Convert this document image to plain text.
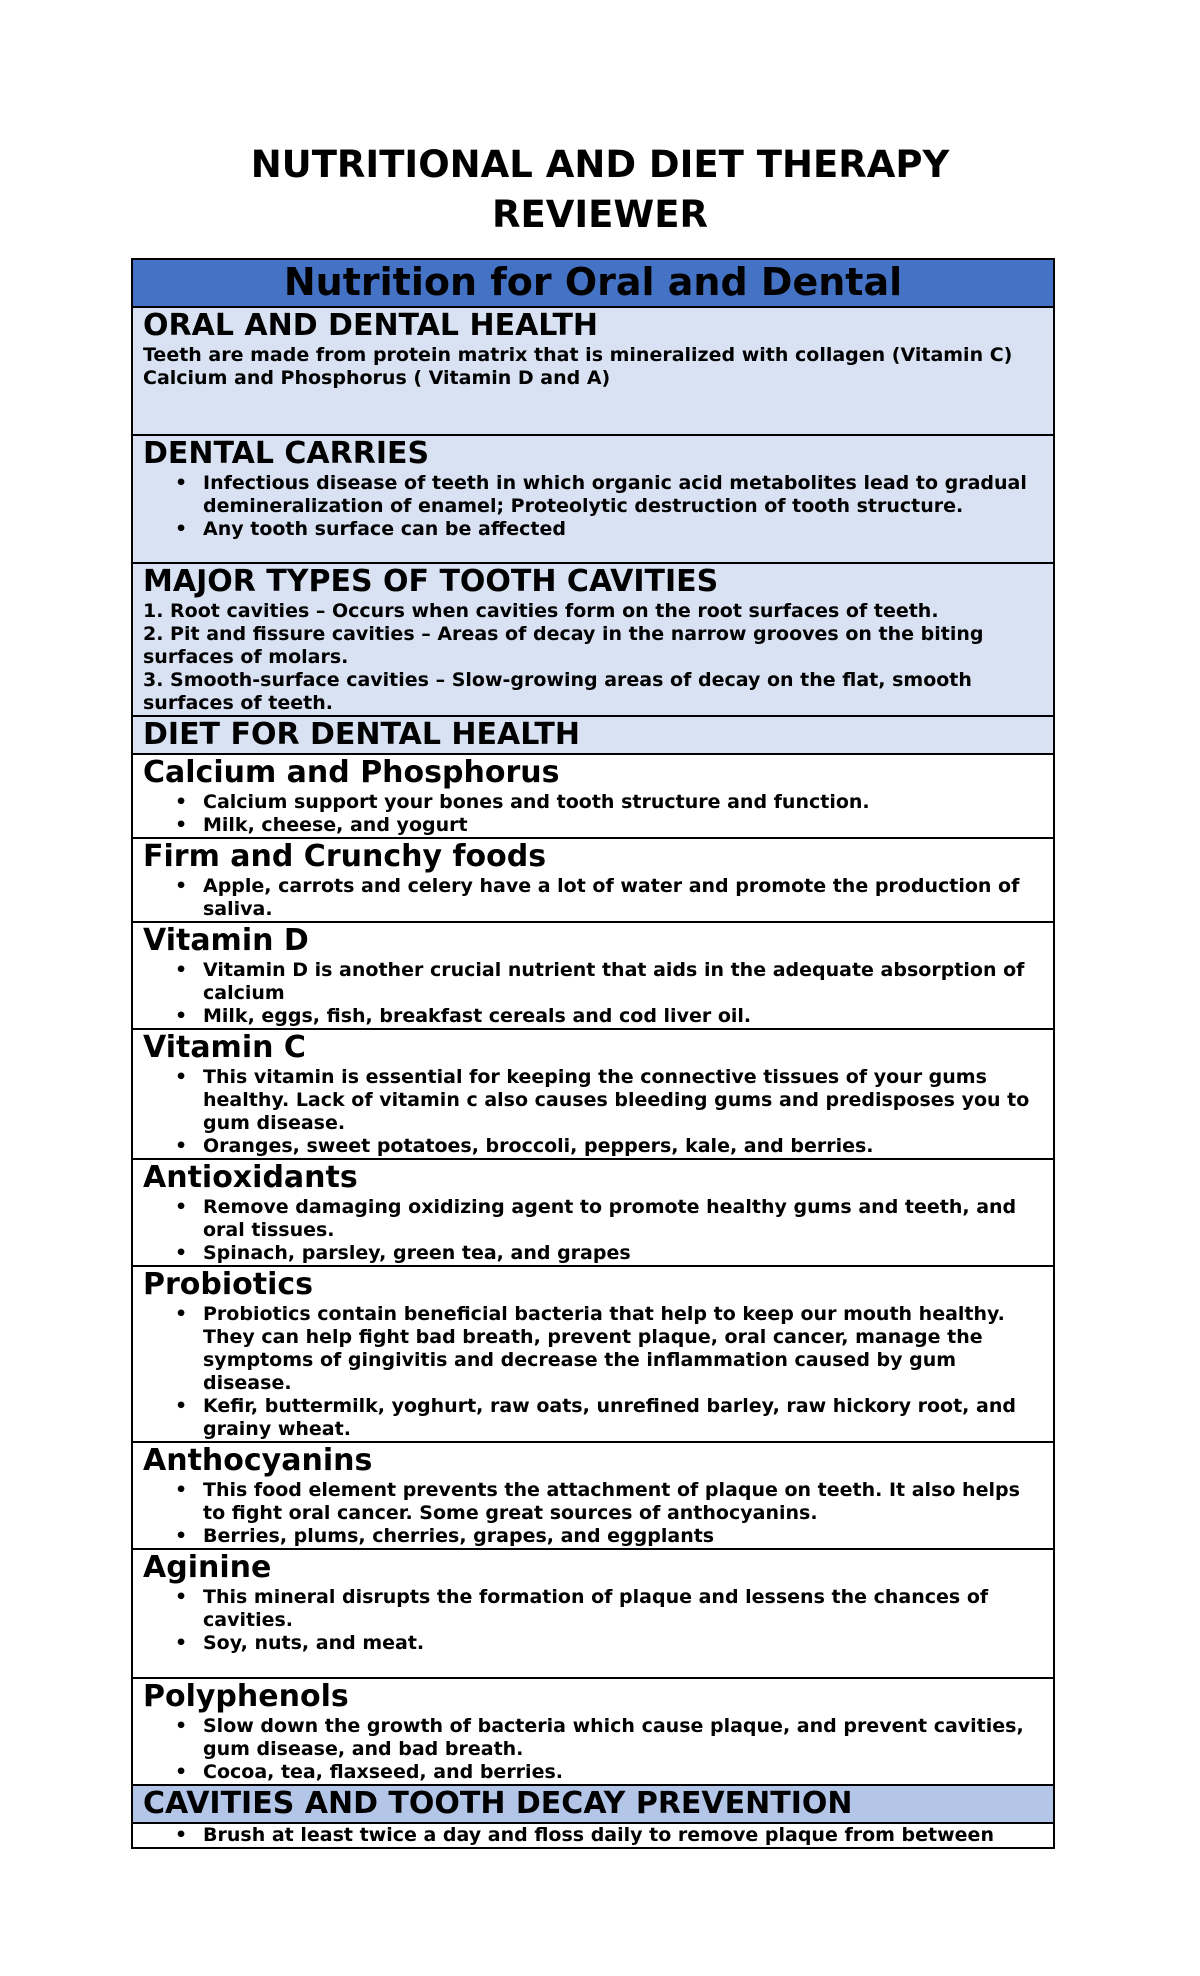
NUTRITIONAL AND DIET THERAPY
REVIEWER
Nutrition for Oral and Dental

ORAL AND DENTAL HEALTH
Teeth are made from protein matrix that is mineralized with collagen (Vitamin C) Calcium and Phosphorus ( Vitamin D and A)

DENTAL CARRIES
• Infectious disease of teeth in which organic acid metabolites lead to gradual demineralization of enamel; Proteolytic destruction of tooth structure.
• Any tooth surface can be affected

MAJOR TYPES OF TOOTH CAVITIES
1. Root cavities – Occurs when cavities form on the root surfaces of teeth.
2. Pit and fissure cavities – Areas of decay in the narrow grooves on the biting surfaces of molars.
3. Smooth-surface cavities – Slow-growing areas of decay on the flat, smooth surfaces of teeth.

DIET FOR DENTAL HEALTH

Calcium and Phosphorus
• Calcium support your bones and tooth structure and function.
• Milk, cheese, and yogurt

Firm and Crunchy foods
• Apple, carrots and celery have a lot of water and promote the production of saliva.

Vitamin D
• Vitamin D is another crucial nutrient that aids in the adequate absorption of calcium
• Milk, eggs, fish, breakfast cereals and cod liver oil.

Vitamin C
• This vitamin is essential for keeping the connective tissues of your gums healthy. Lack of vitamin c also causes bleeding gums and predisposes you to gum disease.
• Oranges, sweet potatoes, broccoli, peppers, kale, and berries.

Antioxidants
• Remove damaging oxidizing agent to promote healthy gums and teeth, and oral tissues.
• Spinach, parsley, green tea, and grapes

Probiotics
• Probiotics contain beneficial bacteria that help to keep our mouth healthy. They can help fight bad breath, prevent plaque, oral cancer, manage the symptoms of gingivitis and decrease the inflammation caused by gum disease.
• Kefir, buttermilk, yoghurt, raw oats, unrefined barley, raw hickory root, and grainy wheat.

Anthocyanins
• This food element prevents the attachment of plaque on teeth. It also helps to fight oral cancer. Some great sources of anthocyanins.
• Berries, plums, cherries, grapes, and eggplants

Aginine
• This mineral disrupts the formation of plaque and lessens the chances of cavities.
• Soy, nuts, and meat.

Polyphenols
• Slow down the growth of bacteria which cause plaque, and prevent cavities, gum disease, and bad breath.
• Cocoa, tea, flaxseed, and berries.

CAVITIES AND TOOTH DECAY PREVENTION

• Brush at least twice a day and floss daily to remove plaque from between
